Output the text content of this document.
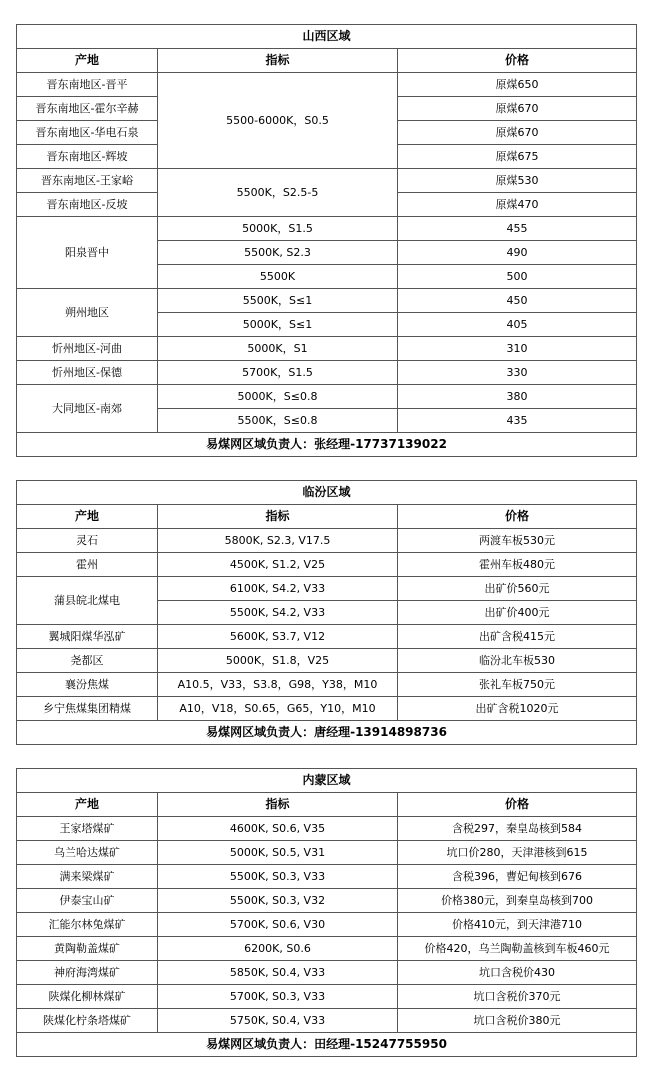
山西区域		
产地	指标	价格
晋东南地区-晋平	5500-6000K，S0.5	原煤650
晋东南地区-霍尔辛赫		原煤670
晋东南地区-华电石泉		原煤670
晋东南地区-辉坡		原煤675
晋东南地区-王家峪	5500K，S2.5-5	原煤530
晋东南地区-反坡		原煤470
阳泉晋中	5000K，S1.5	455
	5500K, S2.3	490
	5500K	500
朔州地区	5500K，S≤1	450
	5000K，S≤1	405
忻州地区-河曲	5000K，S1	310
忻州地区-保德	5700K，S1.5	330
大同地区-南郊	5000K，S≤0.8	380
	5500K，S≤0.8	435
易煤网区域负责人：张经理-17737139022		
临汾区域		
产地	指标	价格
灵石	5800K, S2.3, V17.5	两渡车板530元
霍州	4500K, S1.2, V25	霍州车板480元
蒲县皖北煤电	6100K, S4.2, V33	出矿价560元
	5500K, S4.2, V33	出矿价400元
翼城阳煤华泓矿	5600K, S3.7, V12	出矿含税415元
尧都区	5000K，S1.8，V25	临汾北车板530
襄汾焦煤	A10.5，V33，S3.8，G98，Y38，M10	张礼车板750元
乡宁焦煤集团精煤	A10，V18，S0.65，G65，Y10，M10	出矿含税1020元
易煤网区域负责人：唐经理-13914898736		
内蒙区域		
产地	指标	价格
王家塔煤矿	4600K, S0.6, V35	含税297，秦皇岛核到584
乌兰哈达煤矿	5000K, S0.5, V31	坑口价280，天津港核到615
满来梁煤矿	5500K, S0.3, V33	含税396，曹妃甸核到676
伊泰宝山矿	5500K, S0.3, V32	价格380元，到秦皇岛核到700
汇能尔林兔煤矿	5700K, S0.6, V30	价格410元，到天津港710
黄陶勒盖煤矿	6200K, S0.6	价格420，乌兰陶勒盖核到车板460元
神府海湾煤矿	5850K, S0.4, V33	坑口含税价430
陕煤化柳林煤矿	5700K, S0.3, V33	坑口含税价370元
陕煤化柠条塔煤矿	5750K, S0.4, V33	坑口含税价380元
易煤网区域负责人：田经理-15247755950		
